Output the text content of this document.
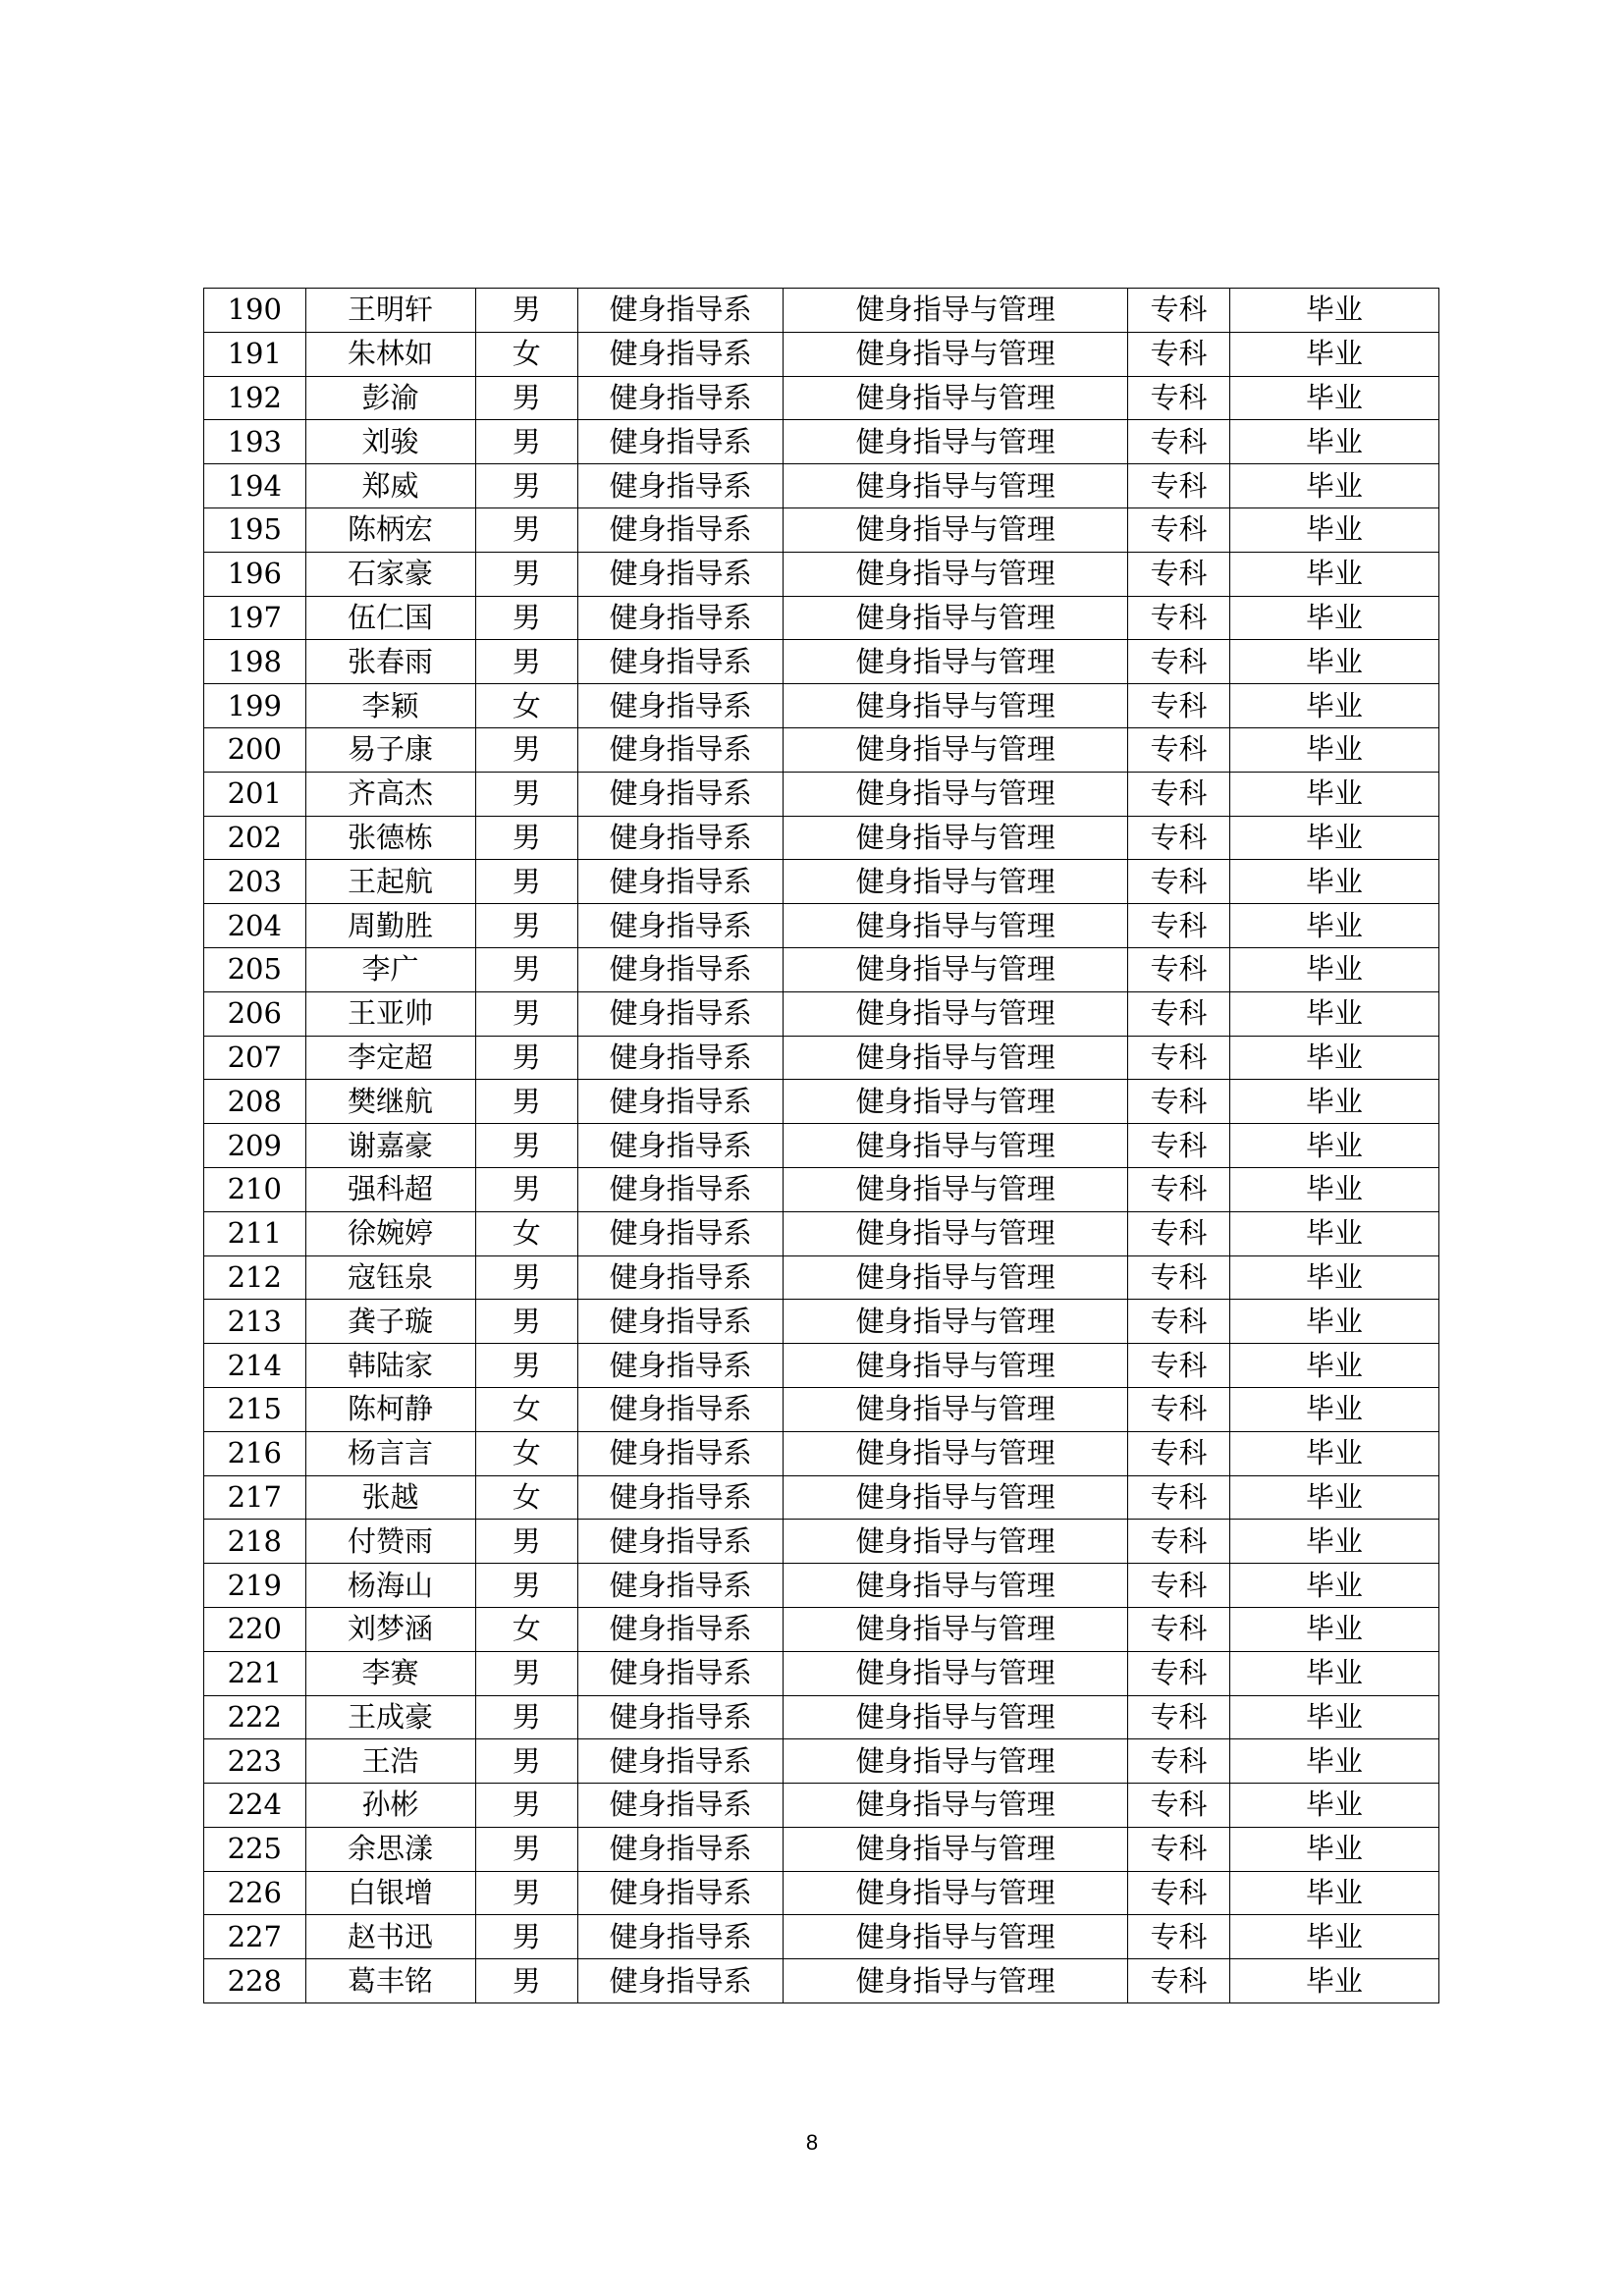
190	王明轩	男	健身指导系	健身指导与管理	专科	毕业
191	朱林如	女	健身指导系	健身指导与管理	专科	毕业
192	彭渝	男	健身指导系	健身指导与管理	专科	毕业
193	刘骏	男	健身指导系	健身指导与管理	专科	毕业
194	郑威	男	健身指导系	健身指导与管理	专科	毕业
195	陈柄宏	男	健身指导系	健身指导与管理	专科	毕业
196	石家豪	男	健身指导系	健身指导与管理	专科	毕业
197	伍仁国	男	健身指导系	健身指导与管理	专科	毕业
198	张春雨	男	健身指导系	健身指导与管理	专科	毕业
199	李颖	女	健身指导系	健身指导与管理	专科	毕业
200	易子康	男	健身指导系	健身指导与管理	专科	毕业
201	齐高杰	男	健身指导系	健身指导与管理	专科	毕业
202	张德栋	男	健身指导系	健身指导与管理	专科	毕业
203	王起航	男	健身指导系	健身指导与管理	专科	毕业
204	周勤胜	男	健身指导系	健身指导与管理	专科	毕业
205	李广	男	健身指导系	健身指导与管理	专科	毕业
206	王亚帅	男	健身指导系	健身指导与管理	专科	毕业
207	李定超	男	健身指导系	健身指导与管理	专科	毕业
208	樊继航	男	健身指导系	健身指导与管理	专科	毕业
209	谢嘉豪	男	健身指导系	健身指导与管理	专科	毕业
210	强科超	男	健身指导系	健身指导与管理	专科	毕业
211	徐婉婷	女	健身指导系	健身指导与管理	专科	毕业
212	寇钰泉	男	健身指导系	健身指导与管理	专科	毕业
213	龚子璇	男	健身指导系	健身指导与管理	专科	毕业
214	韩陆家	男	健身指导系	健身指导与管理	专科	毕业
215	陈柯静	女	健身指导系	健身指导与管理	专科	毕业
216	杨言言	女	健身指导系	健身指导与管理	专科	毕业
217	张越	女	健身指导系	健身指导与管理	专科	毕业
218	付赞雨	男	健身指导系	健身指导与管理	专科	毕业
219	杨海山	男	健身指导系	健身指导与管理	专科	毕业
220	刘梦涵	女	健身指导系	健身指导与管理	专科	毕业
221	李赛	男	健身指导系	健身指导与管理	专科	毕业
222	王成豪	男	健身指导系	健身指导与管理	专科	毕业
223	王浩	男	健身指导系	健身指导与管理	专科	毕业
224	孙彬	男	健身指导系	健身指导与管理	专科	毕业
225	余思漾	男	健身指导系	健身指导与管理	专科	毕业
226	白银增	男	健身指导系	健身指导与管理	专科	毕业
227	赵书迅	男	健身指导系	健身指导与管理	专科	毕业
228	葛丰铭	男	健身指导系	健身指导与管理	专科	毕业
8
